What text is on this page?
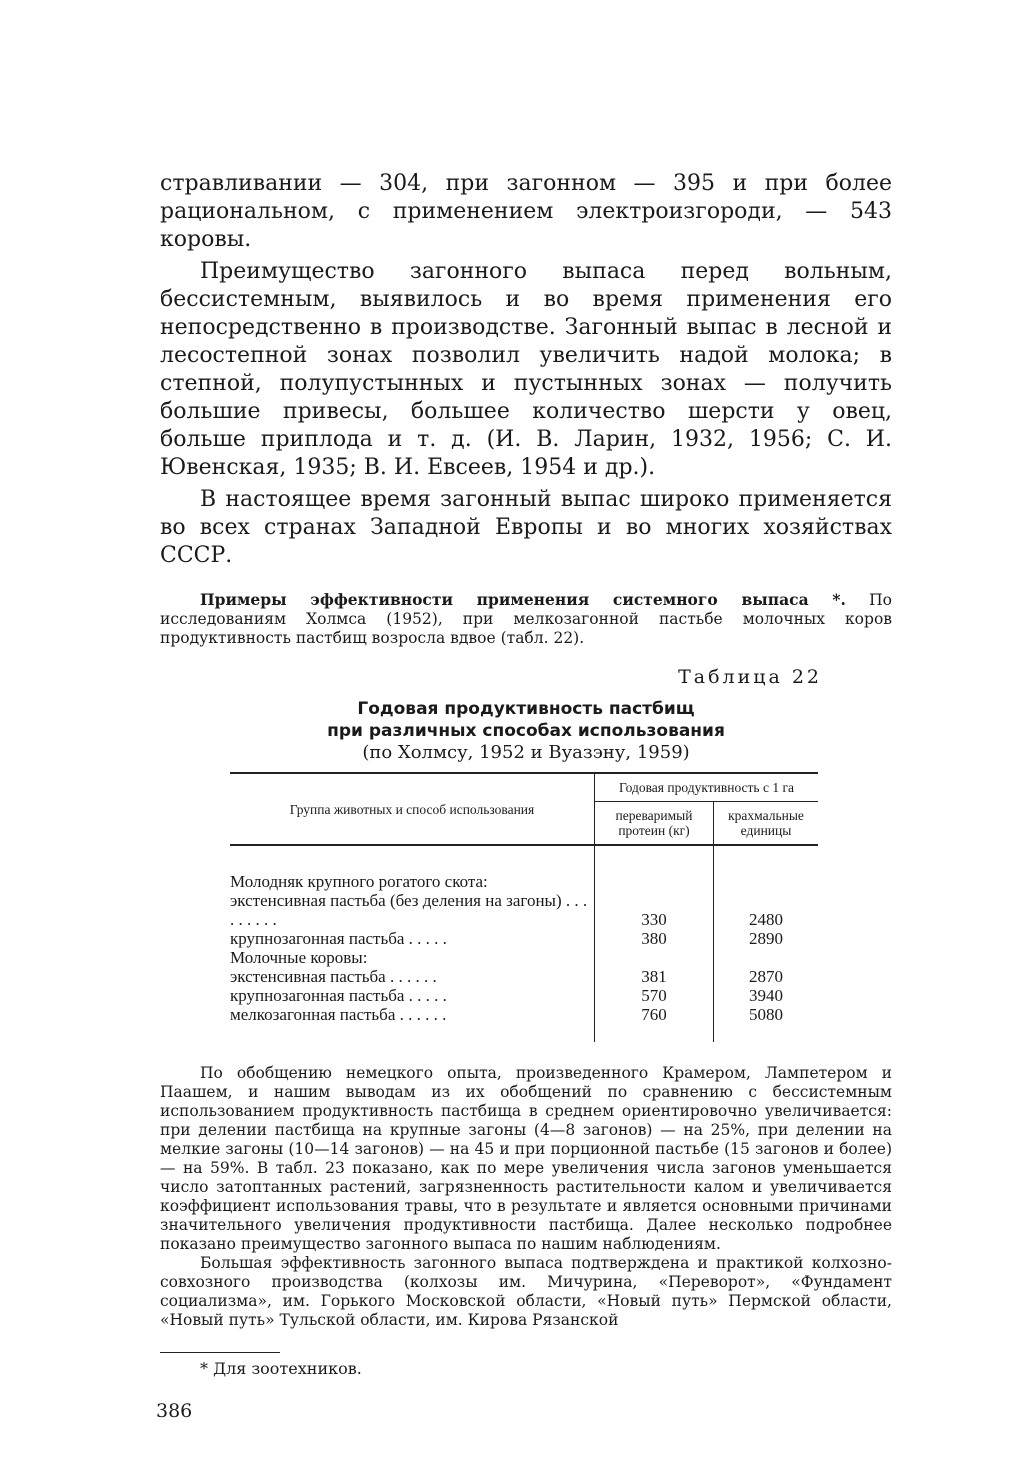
стравливании — 304, при загонном — 395 и при более рациональном, с применением электроизгороди, — 543 коровы.

Преимущество загонного выпаса перед вольным, бессистемным, выявилось и во время применения его непосредственно в производстве. Загонный выпас в лесной и лесостепной зонах позволил увеличить надой молока; в степной, полупустынных и пустынных зонах — получить большие привесы, большее количество шерсти у овец, больше приплода и т. д. (И. В. Ларин, 1932, 1956; С. И. Ювенская, 1935; В. И. Евсеев, 1954 и др.).

В настоящее время загонный выпас широко применяется во всех странах Западной Европы и во многих хозяйствах СССР.

Примеры эффективности применения системного выпаса *. По исследованиям Холмса (1952), при мелкозагонной пастьбе молочных коров продуктивность пастбищ возросла вдвое (табл. 22).

Таблица 22
Годовая продуктивность пастбищ
при различных способах использования
(по Холмсу, 1952 и Вуазэну, 1959)
Группа животных и способ использования	Годовая продуктивность с 1 га	
	переваримый протеин (кг)	крахмальные единицы
Молодняк крупного рогатого скота:		
экстенсивная пастьба (без деления на загоны) . . . . . . . . .	330	2480
крупнозагонная пастьба . . . . .	380	2890
Молочные коровы:		
экстенсивная пастьба . . . . . .	381	2870
крупнозагонная пастьба . . . . .	570	3940
мелкозагонная пастьба . . . . . .	760	5080

По обобщению немецкого опыта, произведенного Крамером, Лампетером и Паашем, и нашим выводам из их обобщений по сравнению с бессистемным использованием продуктивность пастбища в среднем ориентировочно увеличивается: при делении пастбища на крупные загоны (4—8 загонов) — на 25%, при делении на мелкие загоны (10—14 загонов) — на 45 и при порционной пастьбе (15 загонов и более) — на 59%. В табл. 23 показано, как по мере увеличения числа загонов уменьшается число затоптанных растений, загрязненность растительности калом и увеличивается коэффициент использования травы, что в результате и является основными причинами значительного увеличения продуктивности пастбища. Далее несколько подробнее показано преимущество загонного выпаса по нашим наблюдениям.

Большая эффективность загонного выпаса подтверждена и практикой колхозно-совхозного производства (колхозы им. Мичурина, «Переворот», «Фундамент социализма», им. Горького Московской области, «Новый путь» Пермской области, «Новый путь» Тульской области, им. Кирова Рязанской

* Для зоотехников.
386
